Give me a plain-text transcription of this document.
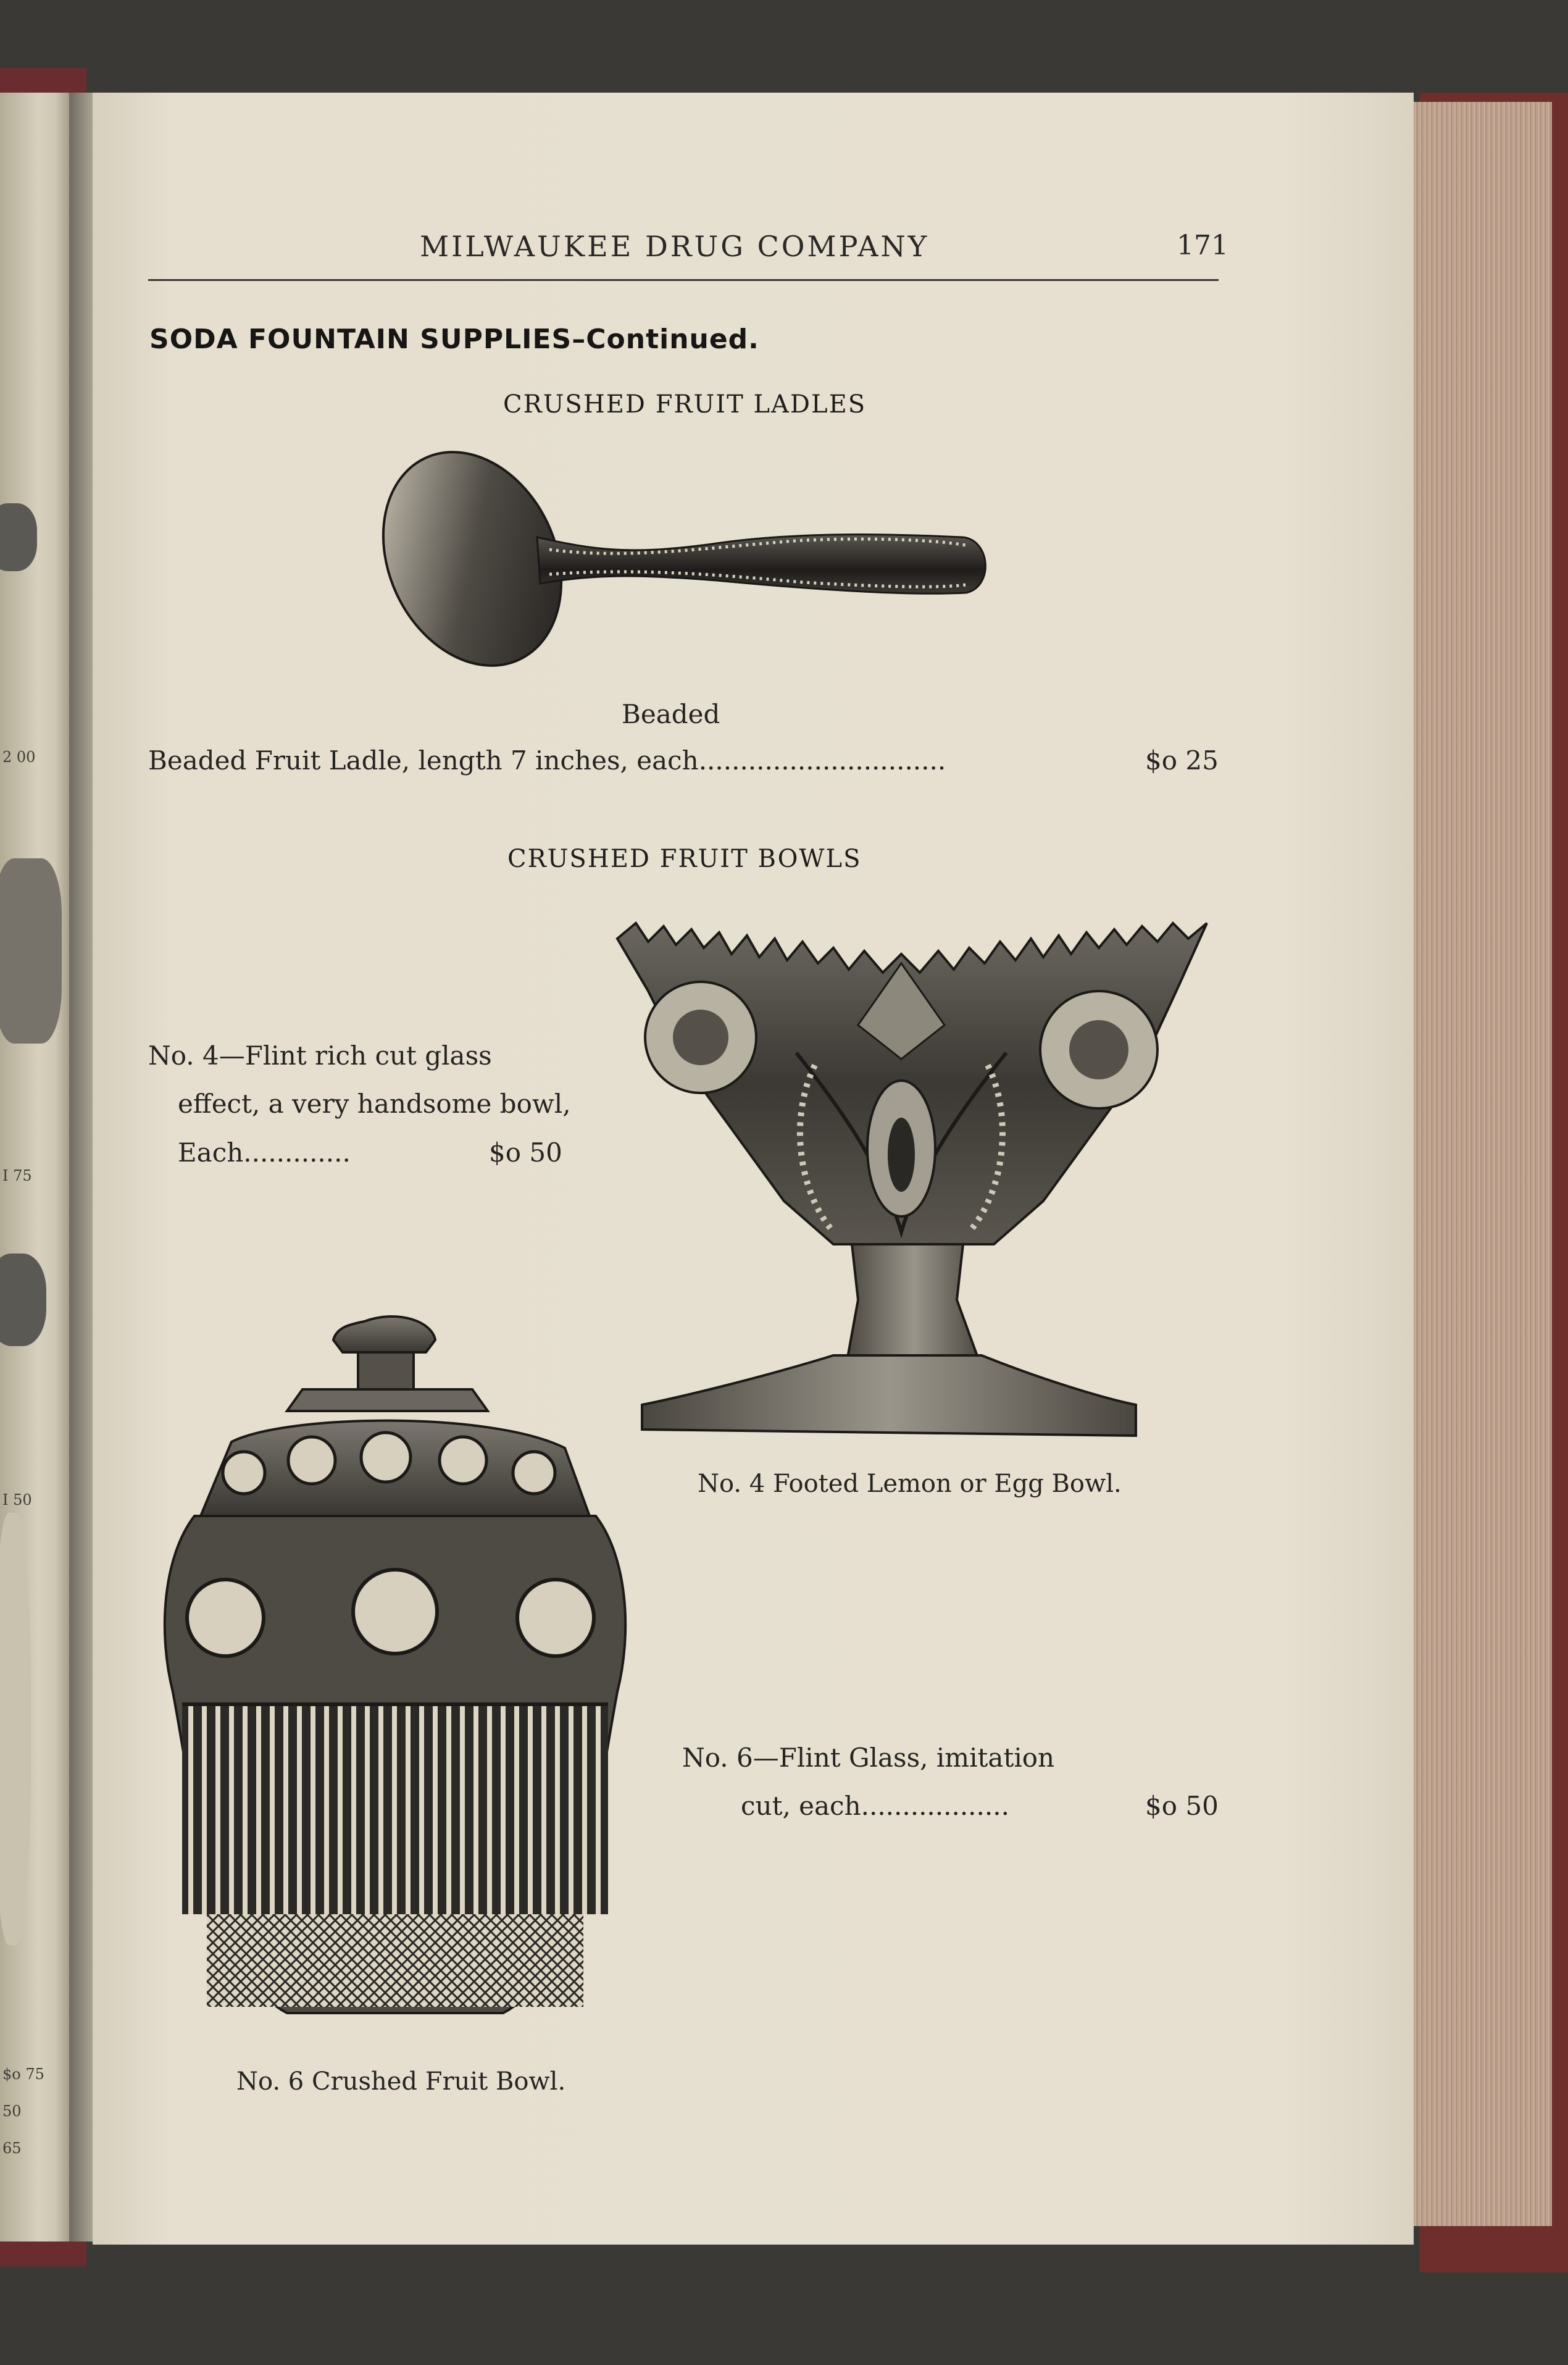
2 00
I 75
I 50
$o 75
50
65
MILWAUKEE DRUG COMPANY	171
SODA FOUNTAIN SUPPLIES–Continued.
CRUSHED FRUIT LADLES
Beaded
Beaded Fruit Ladle, length 7 inches, each..............................	$o 25
CRUSHED FRUIT BOWLS
No. 4—Flint rich cut glass
effect, a very handsome bowl,
Each.............	$o 50
No. 4 Footed Lemon or Egg Bowl.
No. 6—Flint Glass, imitation
cut, each..................	$o 50
No. 6 Crushed Fruit Bowl.
